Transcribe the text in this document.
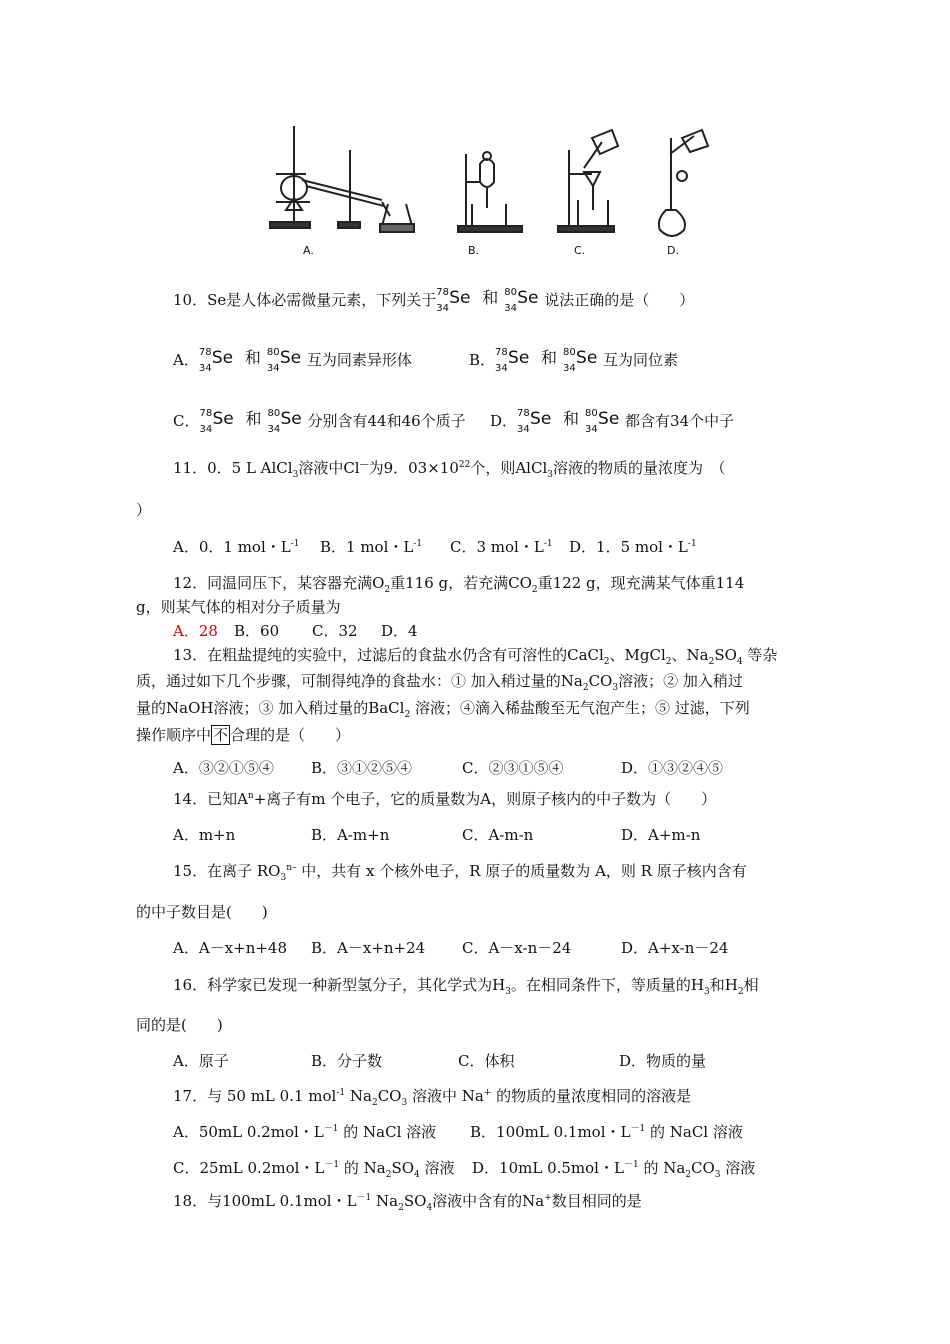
A.	B.	C.	D.
10．Se是人体必需微量元素，下列关于 78
34
Se 和 80
34
Se 说法正确的是（　　）
A． 78
34
Se 和 80
34
Se 互为同素异形体	B． 78
34
Se 和 80
34
Se 互为同位素
C． 78
34
Se 和 80
34
Se 分别含有44和46个质子 D． 78
34
Se 和 80
34
Se 都含有34个中子
11．0．5 L AlCl$_3$溶液中Cl—为9．$03\times 10^{22}$个，则AlCl$_3$溶液的物质的量浓度为　（
）
A．0．1 mol・$L^{-1}$ B．1 mol・$L^{-1}$ C．3 mol・$L^{-1}$ D．1．5 mol・$L^{-1}$
12．同温同压下，某容器充满$O_2$重116 g，若充满$CO_2$重122 g，现充满某气体重114
g，则某气体的相对分子质量为
A．28 B．60 C．32 D．4
13．在粗盐提纯的实验中，过滤后的食盐水仍含有可溶性的CaCl$_2$、MgCl$_2$、$Na_2SO_4$ 等杂
质，通过如下几个步骤，可制得纯净的食盐水：① 加入稍过量的$Na_2CO_3$溶液；② 加入稍过
量的NaOH溶液；③ 加入稍过量的BaCl$_2$ 溶液；④滴入稀盐酸至无气泡产生；⑤ 过滤，下列
操作顺序中 不 合理的是（　　）
A．③②①⑤④ B．③①②⑤④	C．②③①⑤④	D．①③②④⑤
14．已知$A^n+$离子有m 个电子，它的质量数为A，则原子核内的中子数为（　　）
A．m+n	B．A-m+n	C．A-m-n	D．A+m-n
15．在离子 $RO_3^{n-}$ 中，共有 x 个核外电子，R 原子的质量数为 A，则 R 原子核内含有
的中子数目是(　　)
A．A－x+n+48 B．A－x+n+24 C．A－x-n－24	D．A+x-n－24
16．科学家已发现一种新型氢分子，其化学式为$H_3$。在相同条件下，等质量的$H_3$和$H_2$相
同的是(　　)
A．原子	B．分子数	C．体积	D．物质的量
17．与 50 mL 0.1 mol$^{-1}$ $Na_2CO_3$ 溶液中 Na+ 的物质的量浓度相同的溶液是
A．50mL 0.2mol・$L^{-1}$ 的 NaCl 溶液 B．100mL 0.1mol・$L^{-1}$ 的 NaCl 溶液
C．25mL 0.2mol・$L^{-1}$ 的 $Na_2SO_4$ 溶液 D．10mL 0.5mol・$L^{-1}$ 的 $Na_2CO_3$ 溶液
18．与100mL 0.1mol・$L^{-1}$ $Na_2SO_4$溶液中含有的Na+数目相同的是
